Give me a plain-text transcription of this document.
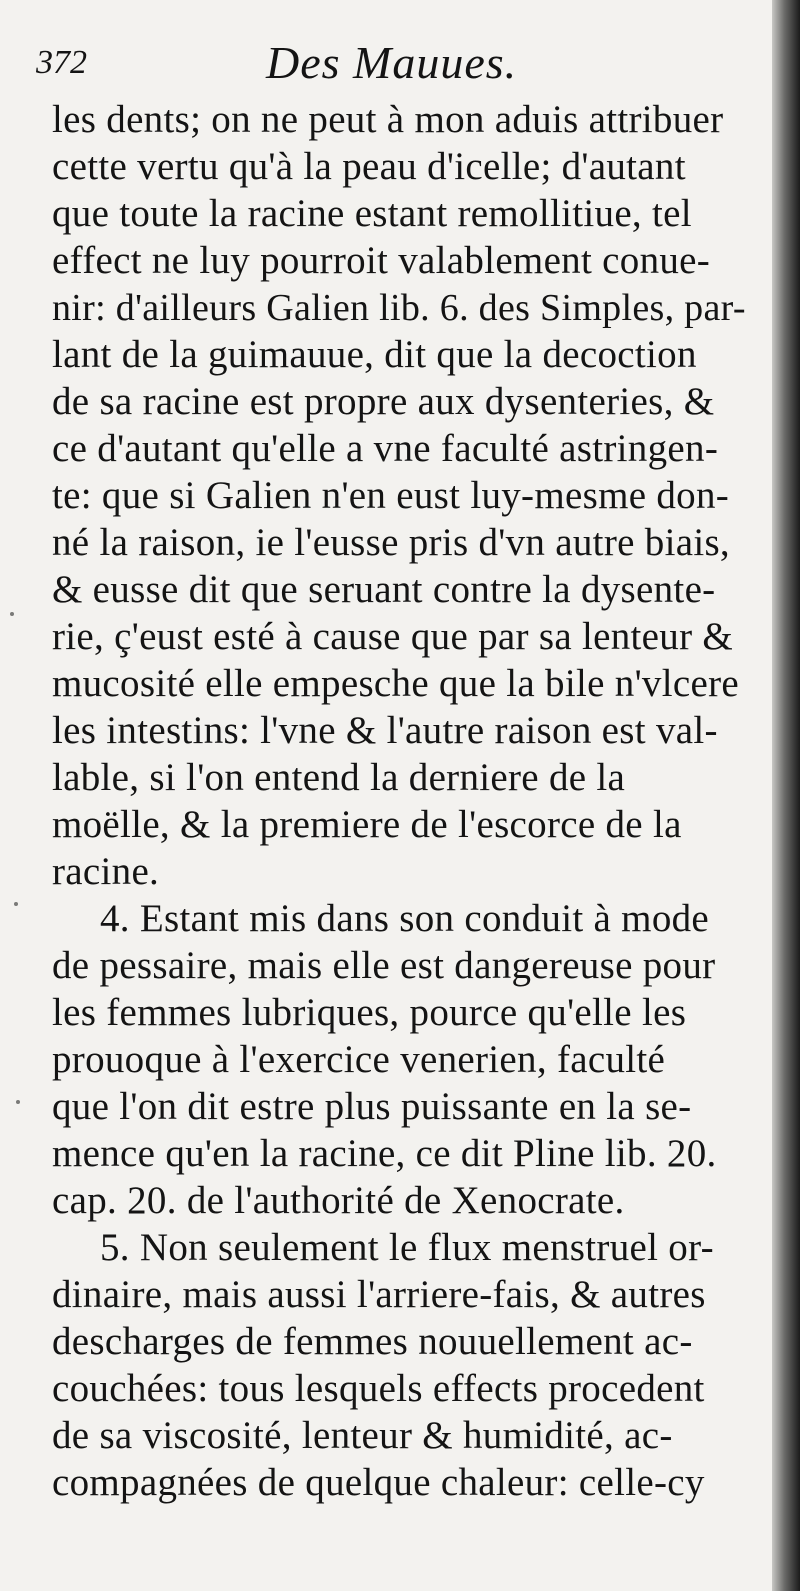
372	Des Mauues.
les dents; on ne peut à mon aduis attribuer
cette vertu qu'à la peau d'icelle; d'autant
que toute la racine estant remollitiue, tel
effect ne luy pourroit valablement conue-
nir: d'ailleurs Galien lib. 6. des Simples, par-
lant de la guimauue, dit que la decoction
de sa racine est propre aux dysenteries, &
ce d'autant qu'elle a vne faculté astringen-
te: que si Galien n'en eust luy-mesme don-
né la raison, ie l'eusse pris d'vn autre biais,
& eusse dit que seruant contre la dysente-
rie, ç'eust esté à cause que par sa lenteur &
mucosité elle empesche que la bile n'vlcere
les intestins: l'vne & l'autre raison est val-
lable, si l'on entend la derniere de la
moëlle, & la premiere de l'escorce de la
racine.
4. Estant mis dans son conduit à mode
de pessaire, mais elle est dangereuse pour
les femmes lubriques, pource qu'elle les
prouoque à l'exercice venerien, faculté
que l'on dit estre plus puissante en la se-
mence qu'en la racine, ce dit Pline lib. 20.
cap. 20. de l'authorité de Xenocrate.
5. Non seulement le flux menstruel or-
dinaire, mais aussi l'arriere-fais, & autres
descharges de femmes nouuellement ac-
couchées: tous lesquels effects procedent
de sa viscosité, lenteur & humidité, ac-
compagnées de quelque chaleur: celle-cy
